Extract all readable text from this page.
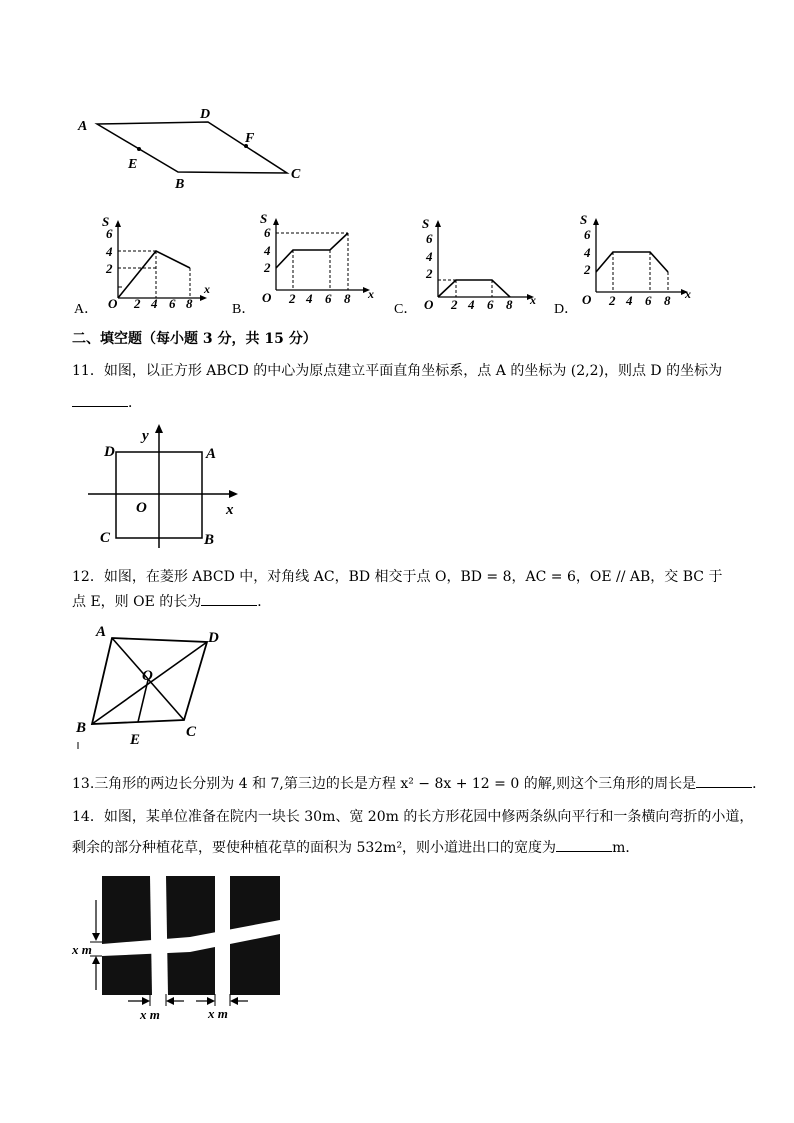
A
D
F
E
B
C
S
6
4
2
O 2 4 6 8
x
A．
S
6
4
2
O 2 4 6 8 x
B．
S
6
4
2
O 2 4 6 8 x
C．
S
6
4
2
O 2 4 6 8 x
D．
二、填空题（每小题 3 分，共 15 分）
11．如图，以正方形 ABCD 的中心为原点建立平面直角坐标系，点 A 的坐标为 (2,2)，则点 D 的坐标为
．
D
y
A
O	x
C	B
12．如图，在菱形 ABCD 中，对角线 AC，BD 相交于点 O，BD = 8，AC = 6，OE // AB，交 BC 于
点 E，则 OE 的长为	．
A	D
O
B	C
E
13.三角形的两边长分别为 4 和 7,第三边的长是方程 x² − 8x + 12 = 0 的解,则这个三角形的周长是	．
14．如图，某单位准备在院内一块长 30m、宽 20m 的长方形花园中修两条纵向平行和一条横向弯折的小道，
剩余的部分种植花草，要使种植花草的面积为 532m²，则小道进出口的宽度为	m．
x m
x m	x m
